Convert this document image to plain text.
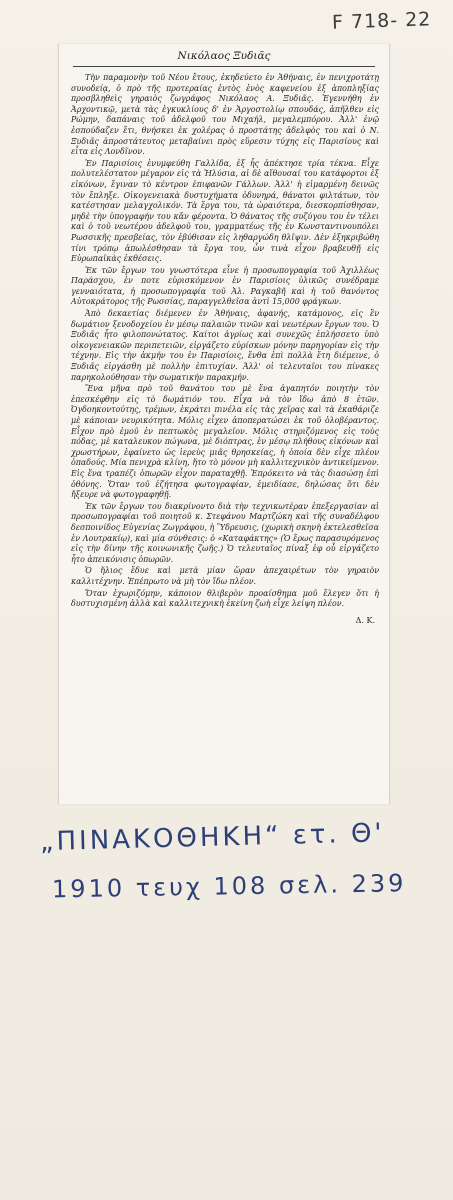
F 718- 22
Νικόλαος Ξυδιᾶς

Τὴν παραμονὴν τοῦ Νέου ἔτους, ἐκηδεύετο ἐν Ἀθήναις, ἐν πενιχροτάτῃ συνοδείᾳ, ὁ πρὸ τῆς προτεραίας ἐντὸς ἑνὸς καφενείου ἐξ ἀποπληξίας προσβληθεὶς γηραιὸς ζωγράφος Νικόλαος Α. Ξυδιᾶς. Ἐγεννήθη ἐν Ἀρχοντικῷ, μετὰ τὰς ἐγκυκλίους δ' ἐν Ἀργοστολίῳ σπουδάς, ἀπῆλθεν εἰς Ρώμην, δαπάναις τοῦ ἀδελφοῦ του Μιχαήλ, μεγαλεμπόρου. Ἀλλ' ἐνῷ ἐσπούδαζεν ἔτι, θνήσκει ἐκ χολέρας ὁ προστάτης ἀδελφὸς του καὶ ὁ Ν. Ξυδιᾶς ἀπροστάτευτος μεταβαίνει πρὸς εὕρεσιν τύχης εἰς Παρισίους καὶ εἶτα εἰς Λονδῖνον.

Ἐν Παρισίοις ἐνυμφεύθη Γαλλίδα, ἐξ ἧς ἀπέκτησε τρία τέκνα. Εἶχε πολυτελέστατον μέγαρον εἰς τὰ Ἠλύσια, αἱ δὲ αἴθουσαί του κατάφορτοι ἐξ εἰκόνων, ἔγιναν τὸ κέντρον ἐπιφανῶν Γάλλων. Ἀλλ' ἡ εἱμαρμένη δεινῶς τὸν ἔπληξε. Οἰκογενειακὰ δυστυχήματα ὀδυνηρά, θάνατοι φιλτάτων, τὸν κατέστησαν μελαγχολικόν. Τὰ ἔργα του, τὰ ὡραιότερα, διεσκορπίσθησαν, μηδὲ τὴν ὑπογραφήν του κἄν φέροντα. Ὁ θάνατος τῆς συζύγου του ἐν τέλει καὶ ὁ τοῦ νεωτέρου ἀδελφοῦ του, γραμματέως τῆς ἐν Κωνσταντινουπόλει Ρωσσικῆς πρεσβείας, τὸν ἐβύθισαν εἰς ληθαργώδη θλῖψιν. Δὲν ἐξηκριβώθη τίνι τρόπῳ ἀπωλέσθησαν τὰ ἔργα του, ὧν τινὰ εἶχον βραβευθῇ εἰς Εὐρωπαϊκὰς ἐκθέσεις.

Ἐκ τῶν ἔργων του γνωστότερα εἶνε ἡ προσωπογραφία τοῦ Ἀχιλλέως Παράσχου, ἐν ποτε εὑρισκόμενον ἐν Παρισίοις ὑλικῶς συνέδραμε γενναιότατα, ἡ προσωπογραφία τοῦ Ἀλ. Ραγκαβῆ καὶ ἡ τοῦ θανόντος Αὐτοκράτορος τῆς Ρωσσίας, παραγγελθεῖσα ἀντὶ 15,000 φράγκων.

Ἀπὸ δεκαετίας διέμενεν ἐν Ἀθήναις, ἀφανής, κατάμονος, εἰς ἓν δωμάτιον ξενοδοχείου ἐν μέσῳ παλαιῶν τινῶν καὶ νεωτέρων ἔργων του. Ὁ Ξυδιᾶς ἦτο φιλοπονώτατος. Καίτοι ἀγρίως καὶ συνεχῶς ἐπλήσσετο ὑπὸ οἰκογενειακῶν περιπετειῶν, εἰργάζετο εὐρίσκων μόνην παρηγορίαν εἰς τὴν τέχνην. Εἰς τὴν ἀκμήν του ἐν Παρισίοις, ἔνθα ἐπὶ πολλὰ ἔτη διέμεινε, ὁ Ξυδιᾶς εἰργάσθη μὲ πολλὴν ἐπιτυχίαν. Ἀλλ' οἱ τελευταῖοι του πίνακες παρηκολούθησαν τὴν σωματικήν παρακμήν.

Ἕνα μῆνα πρὸ τοῦ θανάτου του μὲ ἕνα ἀγαπητόν ποιητὴν τὸν ἐπεσκέφθην εἰς τὸ δωμάτιόν του. Εἶχα νὰ τὸν ἴδω ἀπὸ 8 ἐτῶν. Ὀγδοηκοντούτης, τρέμων, ἐκράτει πινέλα εἰς τὰς χεῖρας καὶ τὰ ἐκαθάριζε μὲ κάποιαν νευρικότητα. Μόλις εἶχεν ἀποπερατώσει ἐκ τοῦ ὁλοβέραντος. Εἶχον πρὸ ἐμοῦ ἐν πεπτωκὸς μεγαλεῖον. Μόλις στηριζόμενος εἰς τοὺς πόδας, μὲ καταλευκον πώγωνα, μὲ διόπτρας, ἐν μέσῳ πλήθους εἰκόνων καὶ χρωστήρων, ἐφαίνετο ὡς ἱερεὺς μιᾶς θρησκείας, ἡ ὁποία δὲν εἶχε πλέον ὀπαδούς. Μία πενιχρὰ κλίνη, ἥτο τὸ μόνον μὴ καλλιτεχνικὸν ἀντικείμενον. Εἰς ἕνα τραπέζι ὀπωρῶν εἶχον παραταχθῇ. Ἐπρόκειτο νὰ τὰς διασώσῃ ἐπὶ ὀθόνης. Ὅταν τοῦ ἐζήτησα φωτογραφίαν, ἐμειδίασε, δηλώσας ὅτι δὲν ἤξευρε νὰ φωτογραφηθῇ.

Ἐκ τῶν ἔργων του διακρίνοντο διὰ τὴν τεχνικωτέραν ἐπεξεργασίαν αἱ προσωπογραφίαι τοῦ ποιητοῦ κ. Στεφάνου Μαρτζώκη καὶ τῆς συναδέλφου δεσποινίδος Εὐγενίας Ζωγράφου, ἡ Ὕδρευσις, (χωρικὴ σκηνὴ ἐκτελεσθεῖσα ἐν Λουτρακίῳ), καὶ μία σύνθεσις: ὁ «Καταφάκτης» (Ὁ ἔρως παρασυρόμενος εἰς τὴν δίνην τῆς κοινωνικῆς ζωῆς.) Ὁ τελευταῖος πίναξ ἐφ οὗ εἰργάζετο ἦτο ἀπεικόνισις ὀπωρῶν.

Ὁ ἥλιος ἔδυε καὶ μετὰ μίαν ὥραν ἀπεχαιρέτων τὸν γηραιὸν καλλιτέχνην. Ἐπέπρωτο νὰ μὴ τὸν ἴδω πλέον.

Ὅταν ἐχωριζόμην, κάποιον θλιβερὸν προαίσθημα μοῦ ἔλεγεν ὅτι ἡ δυστυχισμένη ἀλλὰ καὶ καλλιτεχνικὴ ἐκείνη ζωὴ εἶχε λείψη πλέον.

Δ. Κ.
„ΠΙΝΑΚΟΘΗΚΗ“ ετ. Θ'
1910 τευχ 108 σελ. 239
